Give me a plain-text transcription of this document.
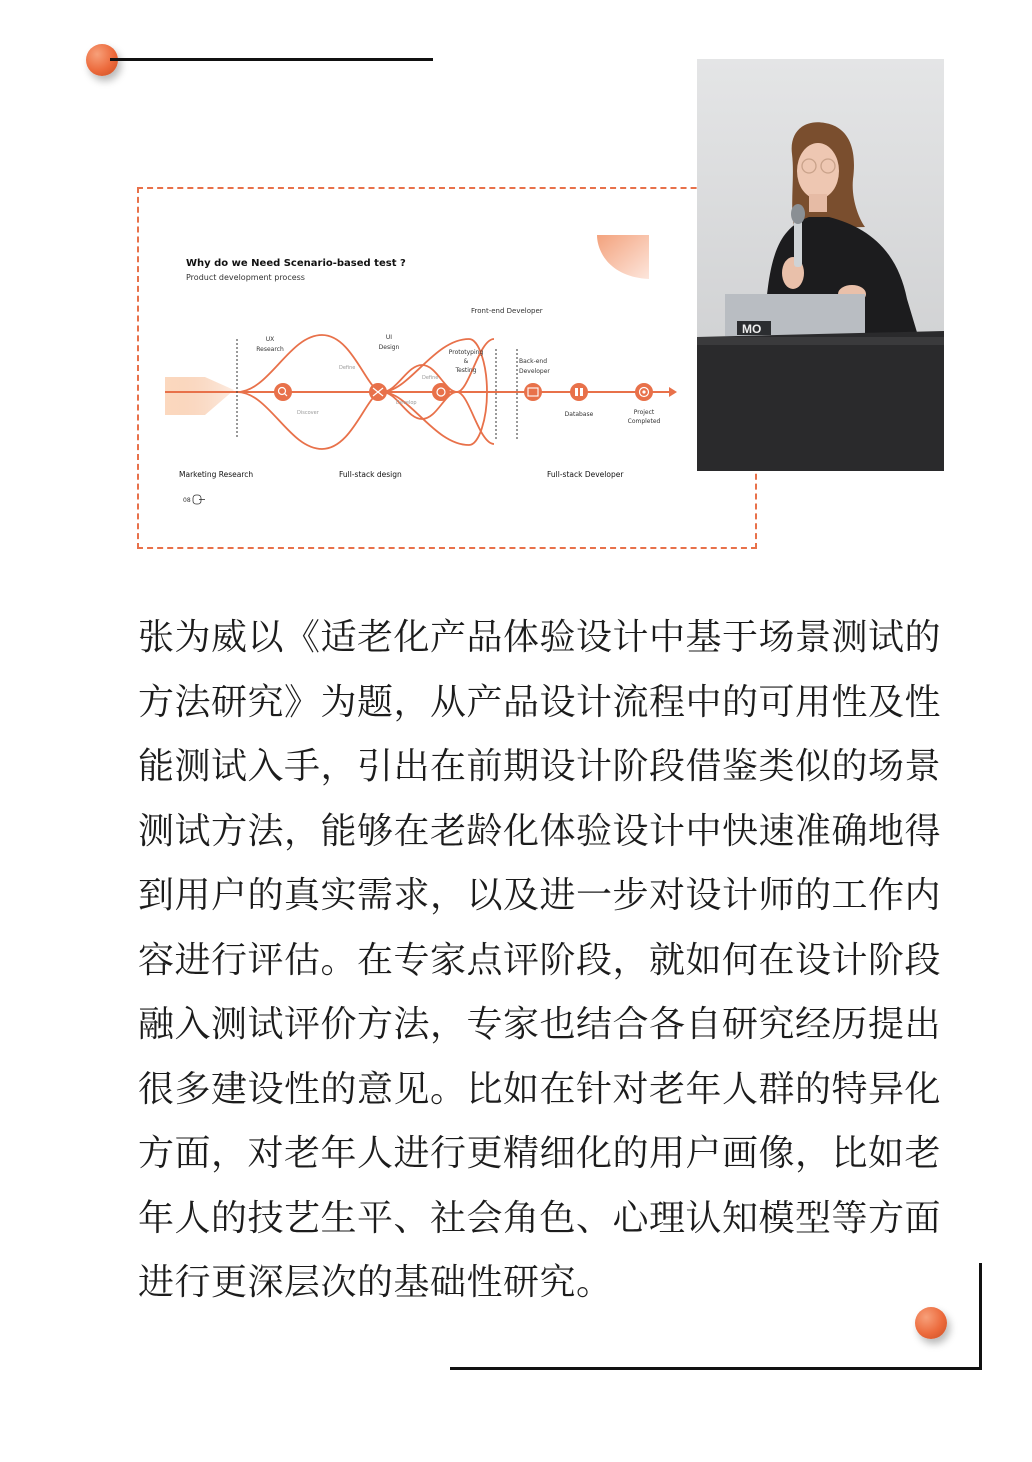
Why do we Need Scenario-based test ?
Product development process
Front-end Developer
UX Research
UI Design
Prototyping & Testing
Back-end Developer
Define
Define
Discover
Develop
Database	Project Completed
Marketing Research	Full-stack design	Full-stack Developer
08
MO
张为威以《适老化产品体验设计中基于场景测试的方法研究》为题，从产品设计流程中的可用性及性能测试入手，引出在前期设计阶段借鉴类似的场景测试方法，能够在老龄化体验设计中快速准确地得到用户的真实需求，以及进一步对设计师的工作内容进行评估。在专家点评阶段，就如何在设计阶段融入测试评价方法，专家也结合各自研究经历提出很多建设性的意见。比如在针对老年人群的特异化方面，对老年人进行更精细化的用户画像，比如老年人的技艺生平、社会角色、心理认知模型等方面进行更深层次的基础性研究。
